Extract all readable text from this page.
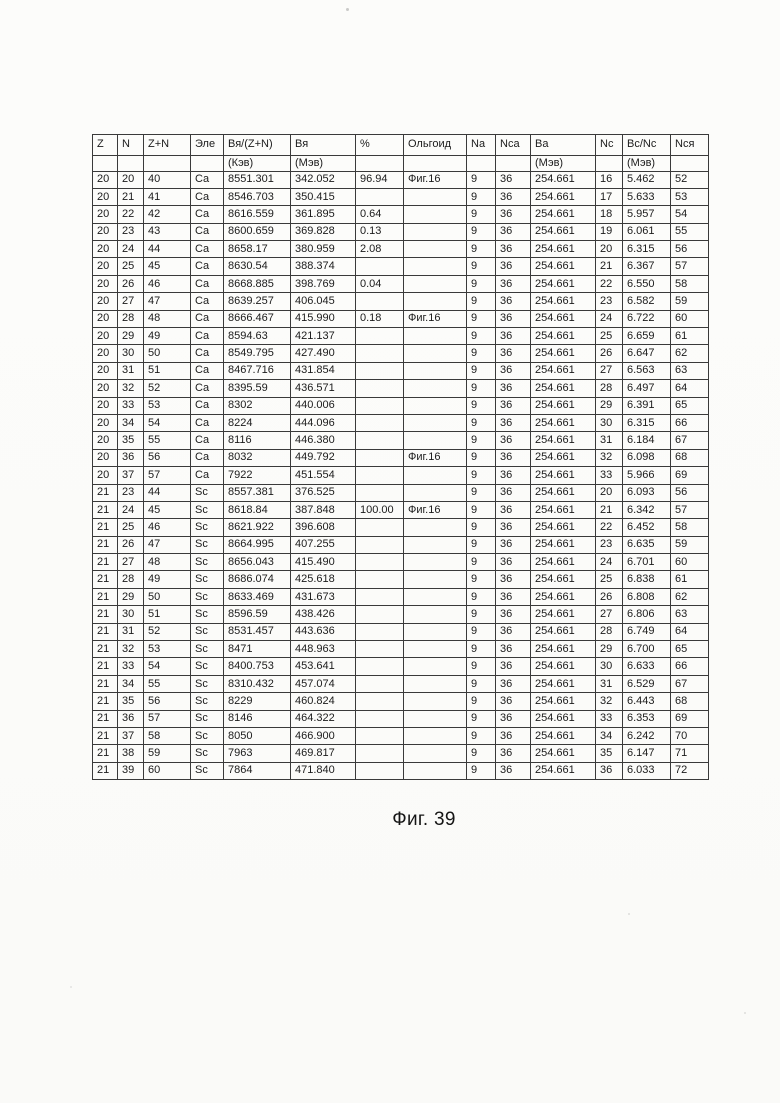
Z	N	Z+N	Эле	Вя/(Z+N)	Вя	%	Ольгоид	Na	Nca	Ва	Nc	Вс/Nc	Nся
				(Кэв)	(Мэв)					(Мэв)		(Мэв)	
20	20	40	Ca	8551.301	342.052	96.94	Фиг.16	9	36	254.661	16	5.462	52
20	21	41	Ca	8546.703	350.415			9	36	254.661	17	5.633	53
20	22	42	Ca	8616.559	361.895	0.64		9	36	254.661	18	5.957	54
20	23	43	Ca	8600.659	369.828	0.13		9	36	254.661	19	6.061	55
20	24	44	Ca	8658.17	380.959	2.08		9	36	254.661	20	6.315	56
20	25	45	Ca	8630.54	388.374			9	36	254.661	21	6.367	57
20	26	46	Ca	8668.885	398.769	0.04		9	36	254.661	22	6.550	58
20	27	47	Ca	8639.257	406.045			9	36	254.661	23	6.582	59
20	28	48	Ca	8666.467	415.990	0.18	Фиг.16	9	36	254.661	24	6.722	60
20	29	49	Ca	8594.63	421.137			9	36	254.661	25	6.659	61
20	30	50	Ca	8549.795	427.490			9	36	254.661	26	6.647	62
20	31	51	Ca	8467.716	431.854			9	36	254.661	27	6.563	63
20	32	52	Ca	8395.59	436.571			9	36	254.661	28	6.497	64
20	33	53	Ca	8302	440.006			9	36	254.661	29	6.391	65
20	34	54	Ca	8224	444.096			9	36	254.661	30	6.315	66
20	35	55	Ca	8116	446.380			9	36	254.661	31	6.184	67
20	36	56	Ca	8032	449.792		Фиг.16	9	36	254.661	32	6.098	68
20	37	57	Ca	7922	451.554			9	36	254.661	33	5.966	69
21	23	44	Sc	8557.381	376.525			9	36	254.661	20	6.093	56
21	24	45	Sc	8618.84	387.848	100.00	Фиг.16	9	36	254.661	21	6.342	57
21	25	46	Sc	8621.922	396.608			9	36	254.661	22	6.452	58
21	26	47	Sc	8664.995	407.255			9	36	254.661	23	6.635	59
21	27	48	Sc	8656.043	415.490			9	36	254.661	24	6.701	60
21	28	49	Sc	8686.074	425.618			9	36	254.661	25	6.838	61
21	29	50	Sc	8633.469	431.673			9	36	254.661	26	6.808	62
21	30	51	Sc	8596.59	438.426			9	36	254.661	27	6.806	63
21	31	52	Sc	8531.457	443.636			9	36	254.661	28	6.749	64
21	32	53	Sc	8471	448.963			9	36	254.661	29	6.700	65
21	33	54	Sc	8400.753	453.641			9	36	254.661	30	6.633	66
21	34	55	Sc	8310.432	457.074			9	36	254.661	31	6.529	67
21	35	56	Sc	8229	460.824			9	36	254.661	32	6.443	68
21	36	57	Sc	8146	464.322			9	36	254.661	33	6.353	69
21	37	58	Sc	8050	466.900			9	36	254.661	34	6.242	70
21	38	59	Sc	7963	469.817			9	36	254.661	35	6.147	71
21	39	60	Sc	7864	471.840			9	36	254.661	36	6.033	72
Фиг. 39
